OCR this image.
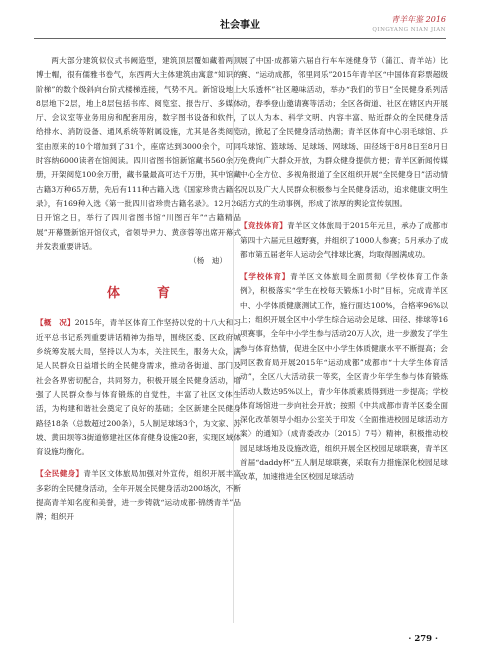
社会事业
青羊年鉴 2016
QINGYANG NIAN JIAN

两大部分建筑似仪式书阙造型，建筑顶层覆如藏着两顶博士帽，很有儒雅书卷气，东西两大主体建筑由寓意“知识的阶梯”的数个级斜向台阶式楼梯连接，气势不凡。新馆设地上8层地下2层，地上8层包括书库、阅览室、报告厅、多媒体厅、会议室等业务用房和配套用房，数字图书设备和软件，给排水、消防设备、通风系统等附属设施，尤其是各类阅览室由原来的10个增加到了31个，座席达到3000余个，可同时容纳6000读者在馆阅读。四川省图书馆新馆藏书560余万册，开架阅览100余万册，藏书量最高可达千万册，其中馆藏古籍3万种65万册，先后有111种古籍入选《国家珍贵古籍名录》，有169种入选《第一批四川省珍贵古籍名录》。12月26日开馆之日，举行了四川省图书馆“川图百年”“古籍精品展”开幕暨新馆开馆仪式，省领导尹力、黄彦蓉等出席开幕式并发表重要讲话。
（杨　迪）

体　育

【概　况】2015年，青羊区体育工作坚持以党的十八大和习近平总书记系列重要讲话精神为指导，围绕区委、区政府城乡统筹发展大局，坚持以人为本，关注民生，服务大众，满足人民群众日益增长的全民健身需求，推动各街道、部门及社会各界密切配合，共同努力，积极开展全民健身活动，增强了人民群众参与体育锻炼的自觉性，丰富了社区文体生活，为构建和谐社会奠定了良好的基础；全区新建全民健身路径18条（总数超过200条），5人制足球场3个，为文家、苏坡、黄田坝等3街道修建社区体育健身设施20套，实现区域体育设施均衡化。

【全民健身】青羊区文体旅局加强对外宣传，组织开展丰富多彩的全民健身活动，全年开展全民健身活动200场次，不断提高青羊知名度和美誉，进一步铸就“运动成都·锦绣青羊”品牌；组织开

展了中国·成都第六届自行车车迷健身节（蒲江、青羊站）比赛、“运动成都，邻里同乐”2015年青羊区“中国体育彩票超级大乐透杯”社区趣味活动，举办“我们的节日”全民健身系列活动，春季登山邀请赛等活动；全区各街道、社区在辖区内开展了以人为本、科学文明、内容丰富、贴近群众的全民健身活动，掀起了全民健身活动热潮；青羊区体育中心羽毛球馆、乒乓球馆、篮球场、足球场、网球场、田径场于8月8日至8月日免费向广大群众开放，为群众健身提供方便；青羊区新闻传媒中心全方位、多视角报道了全区组织开展“全民健身日”活动情况以及广大人民群众积极参与全民健身活动，追求健康文明生活方式的生动事例，形成了浓厚的舆论宣传氛围。

【竞技体育】青羊区文体旅局于2015年元旦，承办了成都市第四十六届元旦越野赛，并组织了1000人参赛；5月承办了成都市第五届老年人运动会气排球比赛，均取得圆满成功。

【学校体育】青羊区文体旅局全面贯彻《学校体育工作条例》，积极落实“学生在校每天锻炼1小时”目标，完成青羊区中、小学体质健康测试工作，施行面达100%，合格率96%以上；组织开展全区中小学生综合运动会足球、田径、排球等16项赛事，全年中小学生参与活动20万人次，进一步激发了学生参与体育热情，促进全区中小学生体质健康水平不断提高；会同区教育局开展2015年“运动成都”成都市“十大学生体育活动”，全区八大活动获一等奖，全区青少年学生参与体育锻炼活动人数达95%以上，青少年体质素质得到进一步提高；学校体育场馆进一步向社会开放；按照《中共成都市青羊区委全面深化改革领导小组办公室关于印发〈全面推进校园足球活动方案〉的通知》（成青委改办〔2015〕7号）精神，积极推动校园足球场地及设施改造，组织开展全区校园足球联赛，青羊区首届“daddy杯”五人制足球联赛，采取有力措施深化校园足球改革，加速推进全区校园足球活动

· 279 ·
